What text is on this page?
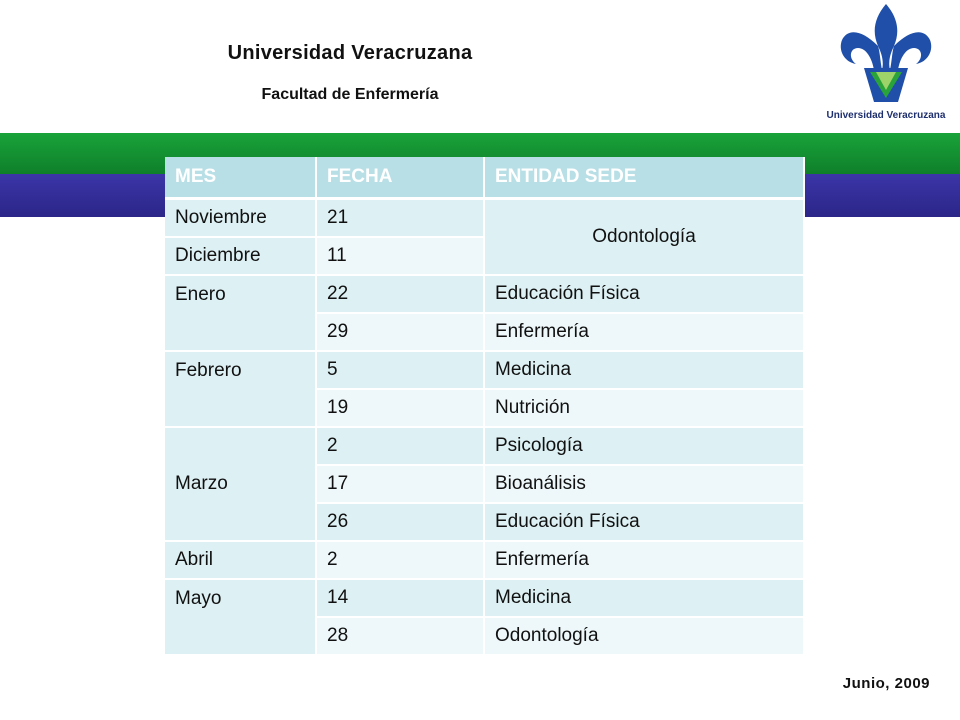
Universidad Veracruzana
Facultad de Enfermería
Universidad Veracruzana
MES	FECHA	ENTIDAD SEDE
Noviembre	21	Odontología
Diciembre	11	
Enero	22	Educación Física
	29	Enfermería
Febrero	5	Medicina
	19	Nutrición
Marzo	2	Psicología
	17	Bioanálisis
	26	Educación Física
Abril	2	Enfermería
Mayo	14	Medicina
	28	Odontología
Junio, 2009
